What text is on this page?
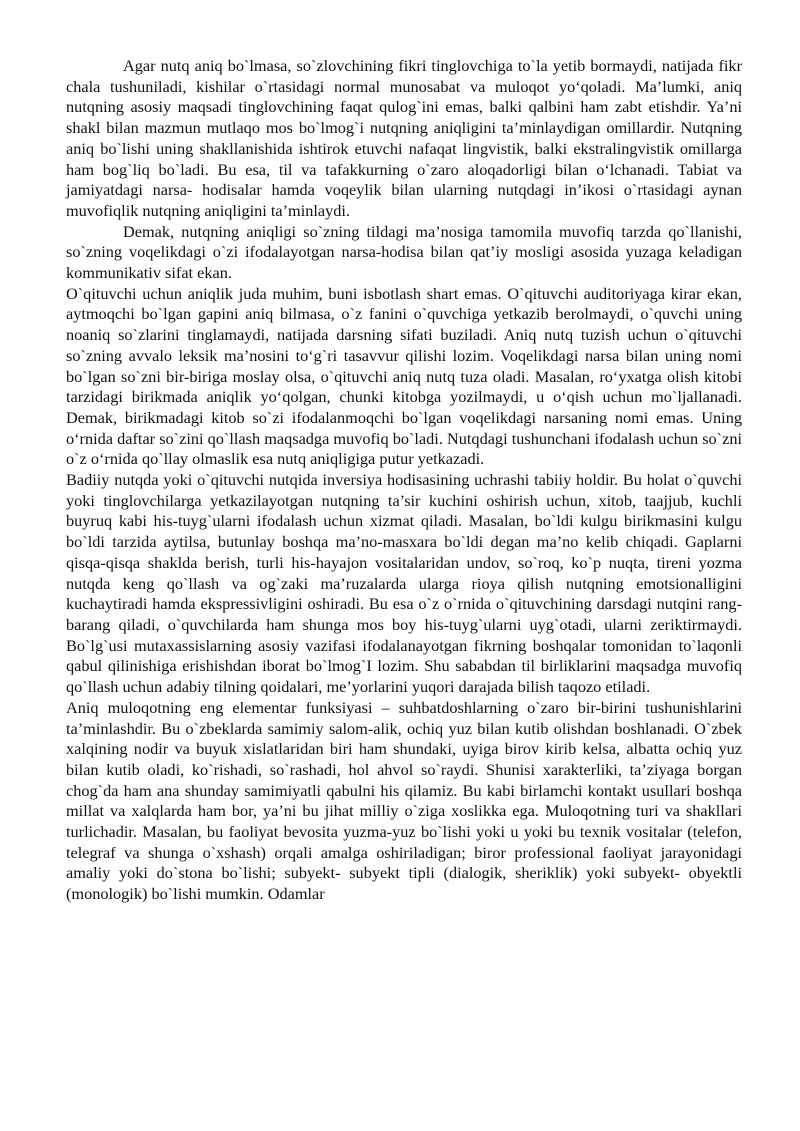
Agar nutq aniq bo`lmasa, so`zlovchining fikri tinglovchiga to`la yetib bormaydi, natijada fikr chala tushuniladi, kishilar o`rtasidagi normal munosabat va muloqot yo‘qoladi. Ma’lumki, aniq nutqning asosiy maqsadi tinglovchining faqat qulog`ini emas, balki qalbini ham zabt etishdir. Ya’ni shakl bilan mazmun mutlaqo mos bo`lmog`i nutqning aniqligini ta’minlaydigan omillardir. Nutqning aniq bo`lishi uning shakllanishida ishtirok etuvchi nafaqat lingvistik, balki ekstralingvistik omillarga ham bog`liq bo`ladi. Bu esa, til va tafakkurning o`zaro aloqadorligi bilan o‘lchanadi. Tabiat va jamiyatdagi narsa- hodisalar hamda voqeylik bilan ularning nutqdagi in’ikosi o`rtasidagi aynan muvofiqlik nutqning aniqligini ta’minlaydi.

Demak, nutqning aniqligi so`zning tildagi ma’nosiga tamomila muvofiq tarzda qo`llanishi, so`zning voqelikdagi o`zi ifodalayotgan narsa-hodisa bilan qat’iy mosligi asosida yuzaga keladigan kommunikativ sifat ekan.

O`qituvchi uchun aniqlik juda muhim, buni isbotlash shart emas. O`qituvchi auditoriyaga kirar ekan, aytmoqchi bo`lgan gapini aniq bilmasa, o`z fanini o`quvchiga yetkazib berolmaydi, o`quvchi uning noaniq so`zlarini tinglamaydi, natijada darsning sifati buziladi. Aniq nutq tuzish uchun o`qituvchi so`zning avvalo leksik ma’nosini to‘g`ri tasavvur qilishi lozim. Voqelikdagi narsa bilan uning nomi bo`lgan so`zni bir-biriga moslay olsa, o`qituvchi aniq nutq tuza oladi. Masalan, ro‘yxatga olish kitobi tarzidagi birikmada aniqlik yo‘qolgan, chunki kitobga yozilmaydi, u o‘qish uchun mo`ljallanadi. Demak, birikmadagi kitob so`zi ifodalanmoqchi bo`lgan voqelikdagi narsaning nomi emas. Uning o‘rnida daftar so`zini qo`llash maqsadga muvofiq bo`ladi. Nutqdagi tushunchani ifodalash uchun so`zni o`z o‘rnida qo`llay olmaslik esa nutq aniqligiga putur yetkazadi.

Badiiy nutqda yoki o`qituvchi nutqida inversiya hodisasining uchrashi tabiiy holdir. Bu holat o`quvchi yoki tinglovchilarga yetkazilayotgan nutqning ta’sir kuchini oshirish uchun, xitob, taajjub, kuchli buyruq kabi his-tuyg`ularni ifodalash uchun xizmat qiladi. Masalan, bo`ldi kulgu birikmasini kulgu bo`ldi tarzida aytilsa, butunlay boshqa ma’no-masxara bo`ldi degan ma’no kelib chiqadi. Gaplarni qisqa-qisqa shaklda berish, turli his-hayajon vositalaridan undov, so`roq, ko`p nuqta, tireni yozma nutqda keng qo`llash va og`zaki ma’ruzalarda ularga rioya qilish nutqning emotsionalligini kuchaytiradi hamda ekspressivligini oshiradi. Bu esa o`z o`rnida o`qituvchining darsdagi nutqini rang-barang qiladi, o`quvchilarda ham shunga mos boy his-tuyg`ularni uyg`otadi, ularni zeriktirmaydi. Bo`lg`usi mutaxassislarning asosiy vazifasi ifodalanayotgan fikrning boshqalar tomonidan to`laqonli qabul qilinishiga erishishdan iborat bo`lmog`I lozim. Shu sababdan til birliklarini maqsadga muvofiq qo`llash uchun adabiy tilning qoidalari, me’yorlarini yuqori darajada bilish taqozo etiladi.

Aniq muloqotning eng elementar funksiyasi – suhbatdoshlarning o`zaro bir-birini tushunishlarini ta’minlashdir. Bu o`zbeklarda samimiy salom-alik, ochiq yuz bilan kutib olishdan boshlanadi. O`zbek xalqining nodir va buyuk xislatlaridan biri ham shundaki, uyiga birov kirib kelsa, albatta ochiq yuz bilan kutib oladi, ko`rishadi, so`rashadi, hol ahvol so`raydi. Shunisi xarakterliki, ta’ziyaga borgan chog`da ham ana shunday samimiyatli qabulni his qilamiz. Bu kabi birlamchi kontakt usullari boshqa millat va xalqlarda ham bor, ya’ni bu jihat milliy o`ziga xoslikka ega. Muloqotning turi va shakllari turlichadir. Masalan, bu faoliyat bevosita yuzma-yuz bo`lishi yoki u yoki bu texnik vositalar (telefon, telegraf va shunga o`xshash) orqali amalga oshiriladigan; biror professional faoliyat jarayonidagi amaliy yoki do`stona bo`lishi; subyekt- subyekt tipli (dialogik, sheriklik) yoki subyekt- obyektli (monologik) bo`lishi mumkin. Odamlar
